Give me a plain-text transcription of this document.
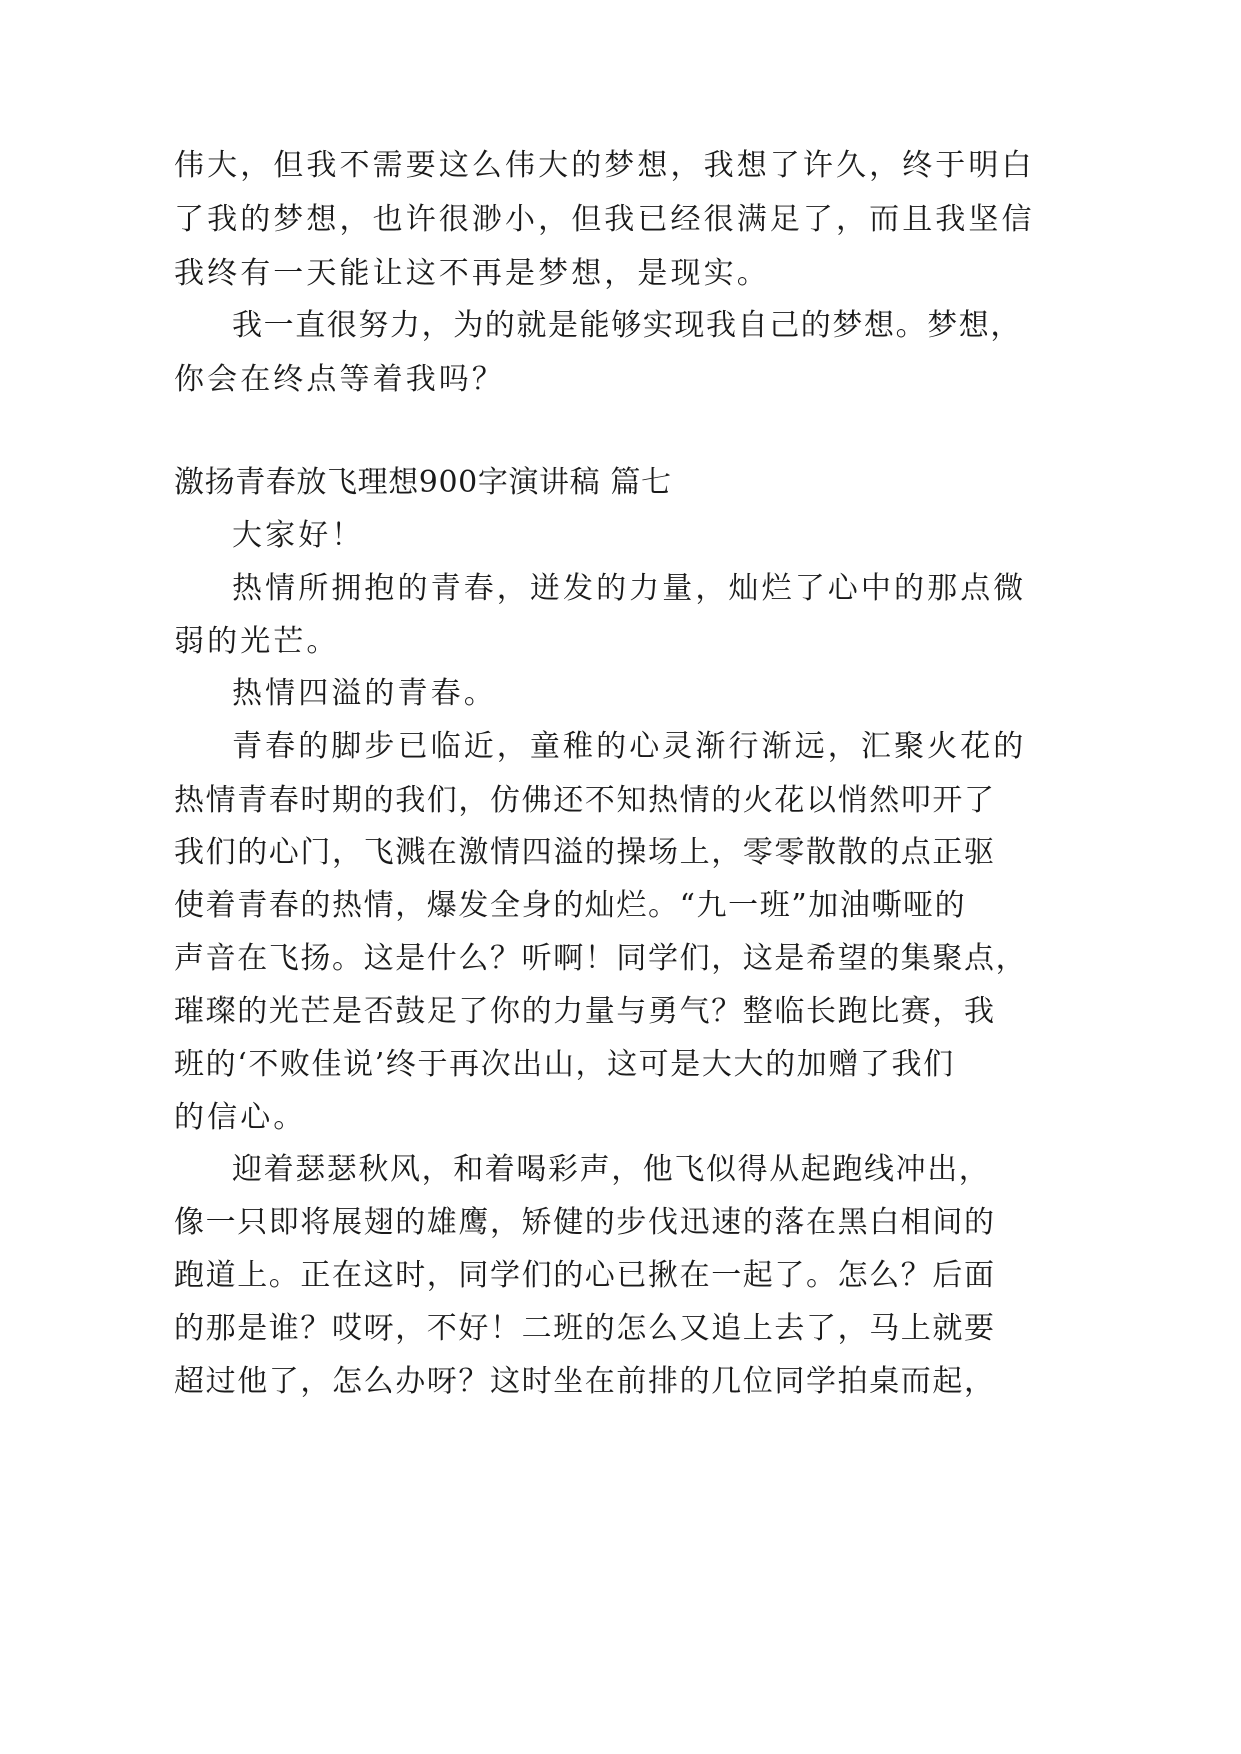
伟大，但我不需要这么伟大的梦想，我想了许久，终于明白
了我的梦想，也许很渺小，但我已经很满足了，而且我坚信
我终有一天能让这不再是梦想，是现实。
我一直很努力，为的就是能够实现我自己的梦想。梦想，
你会在终点等着我吗？
激扬青春放飞理想900字演讲稿 篇七
大家好！
热情所拥抱的青春，迸发的力量，灿烂了心中的那点微
弱的光芒。
热情四溢的青春。
青春的脚步已临近，童稚的心灵渐行渐远，汇聚火花的
热情青春时期的我们，仿佛还不知热情的火花以悄然叩开了
我们的心门，飞溅在激情四溢的操场上，零零散散的点正驱
使着青春的热情，爆发全身的灿烂。“九一班”加油嘶哑的
声音在飞扬。这是什么？听啊！同学们，这是希望的集聚点，
璀璨的光芒是否鼓足了你的力量与勇气？整临长跑比赛，我
班的‘不败佳说’终于再次出山，这可是大大的加赠了我们
的信心。
迎着瑟瑟秋风，和着喝彩声，他飞似得从起跑线冲出，
像一只即将展翅的雄鹰，矫健的步伐迅速的落在黑白相间的
跑道上。正在这时，同学们的心已揪在一起了。怎么？后面
的那是谁？哎呀，不好！二班的怎么又追上去了，马上就要
超过他了，怎么办呀？这时坐在前排的几位同学拍桌而起，
